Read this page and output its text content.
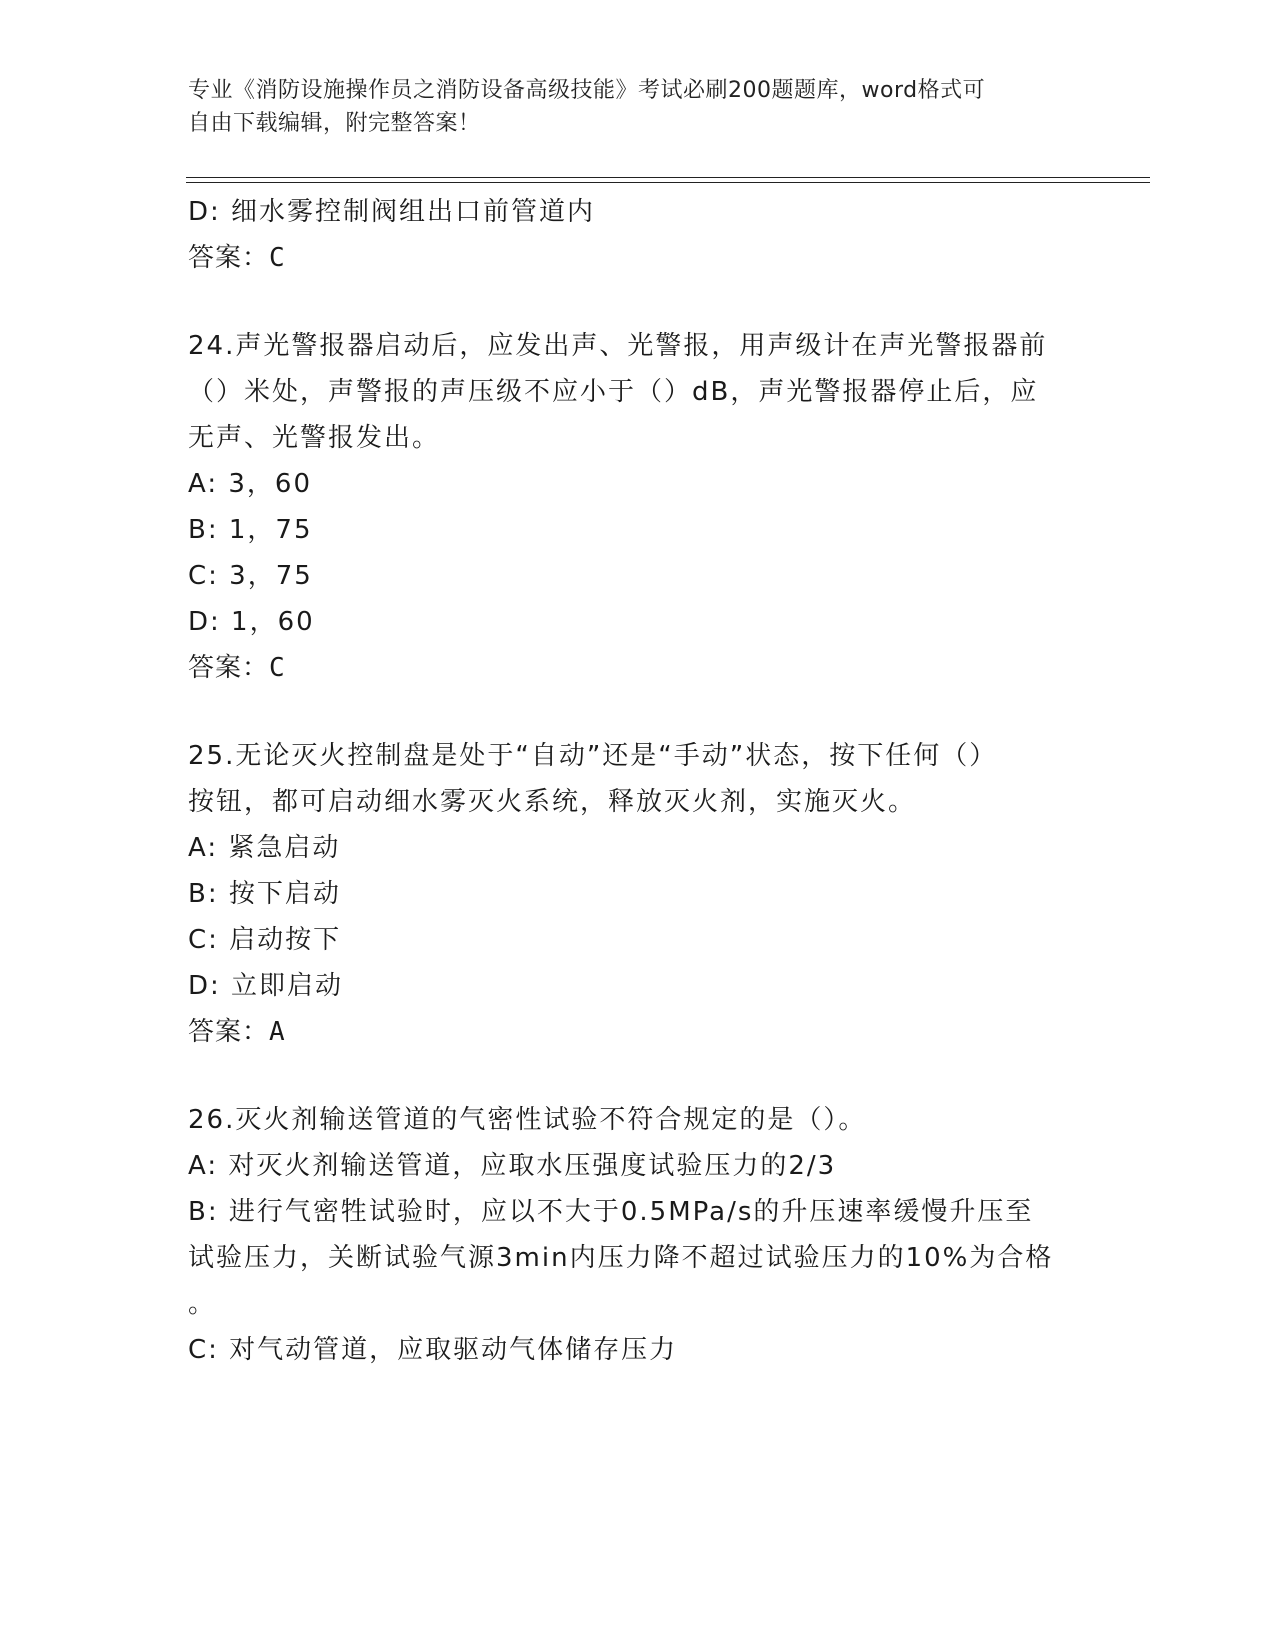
专业《消防设施操作员之消防设备高级技能》考试必刷200题题库，word格式可
自由下载编辑，附完整答案！
D: 细水雾控制阀组出口前管道内
答案：C
24.声光警报器启动后，应发出声、光警报，用声级计在声光警报器前
（）米处，声警报的声压级不应小于（）dB，声光警报器停止后，应
无声、光警报发出。
A: 3，60
B: 1，75
C: 3，75
D: 1，60
答案：C
25.无论灭火控制盘是处于“自动”还是“手动”状态，按下任何（）
按钮，都可启动细水雾灭火系统，释放灭火剂，实施灭火。
A: 紧急启动
B: 按下启动
C: 启动按下
D: 立即启动
答案：A
26.灭火剂输送管道的气密性试验不符合规定的是（）。
A: 对灭火剂输送管道，应取水压强度试验压力的2/3
B: 进行气密牲试验时，应以不大于0.5MPa/s的升压速率缓慢升压至
试验压力，关断试验气源3min内压力降不超过试验压力的10%为合格
。
C: 对气动管道，应取驱动气体储存压力
